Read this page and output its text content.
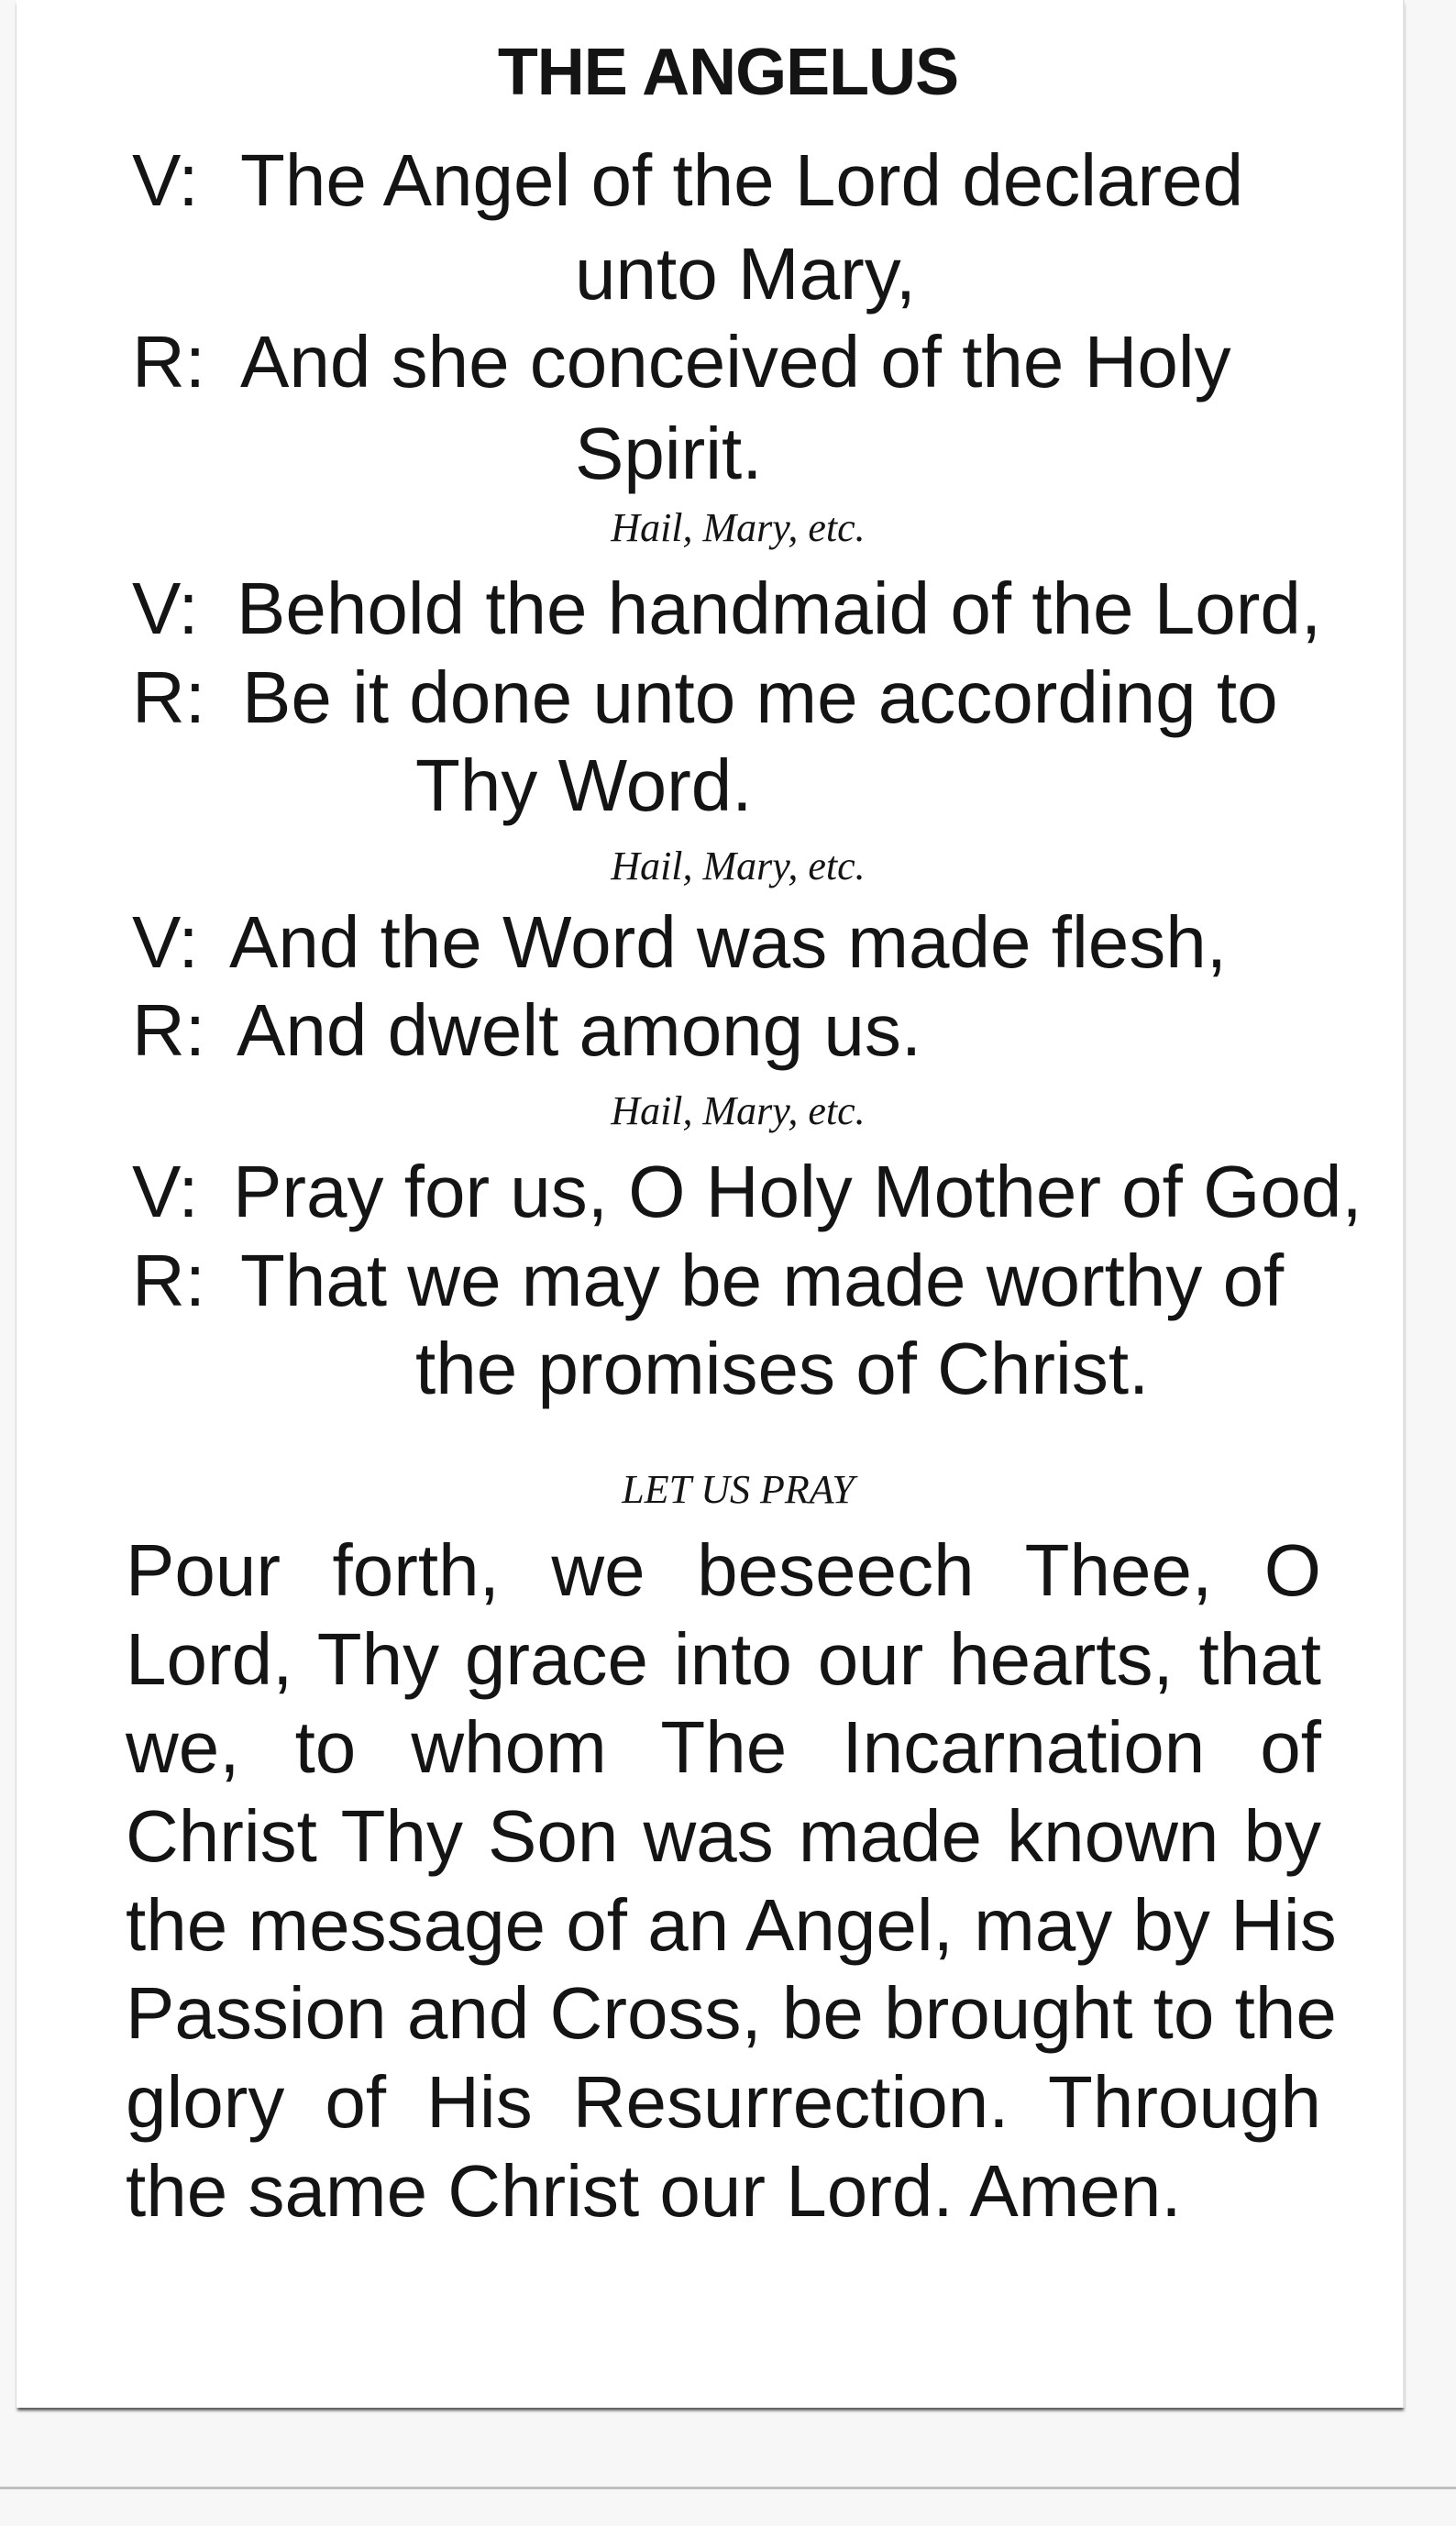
THE ANGELUS
V: The Angel of the Lord declared
unto Mary,
R: And she conceived of the Holy
Spirit.
Hail, Mary, etc.
V: Behold the handmaid of the Lord,
R: Be it done unto me according to
Thy Word.
Hail, Mary, etc.
V: And the Word was made flesh,
R: And dwelt among us.
Hail, Mary, etc.
V: Pray for us, O Holy Mother of God,
R: That we may be made worthy of
the promises of Christ.
LET US PRAY
Pour forth, we beseech Thee, O
Lord, Thy grace into our hearts, that
we, to whom The Incarnation of
Christ Thy Son was made known by
the message of an Angel, may by His
Passion and Cross, be brought to the
glory of His Resurrection. Through
the same Christ our Lord. Amen.
